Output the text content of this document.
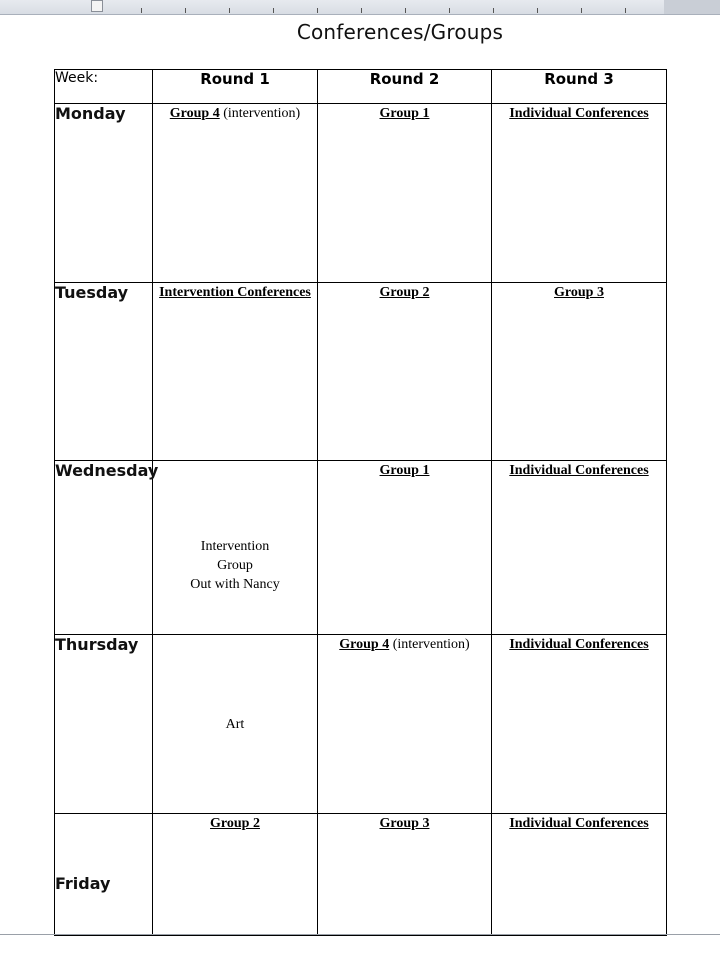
Conferences/Groups
Week:	Round 1	Round 2	Round 3
Monday	Group 4 (intervention)	Group 1	Individual Conferences

Tuesday	Intervention Conferences	Group 2	Group 3

Wednesday	Intervention
Group
Out with Nancy	Group 1	Individual Conferences

Thursday	Art	Group 4 (intervention)	Individual Conferences

Friday	Group 2	Group 3	Individual Conferences
